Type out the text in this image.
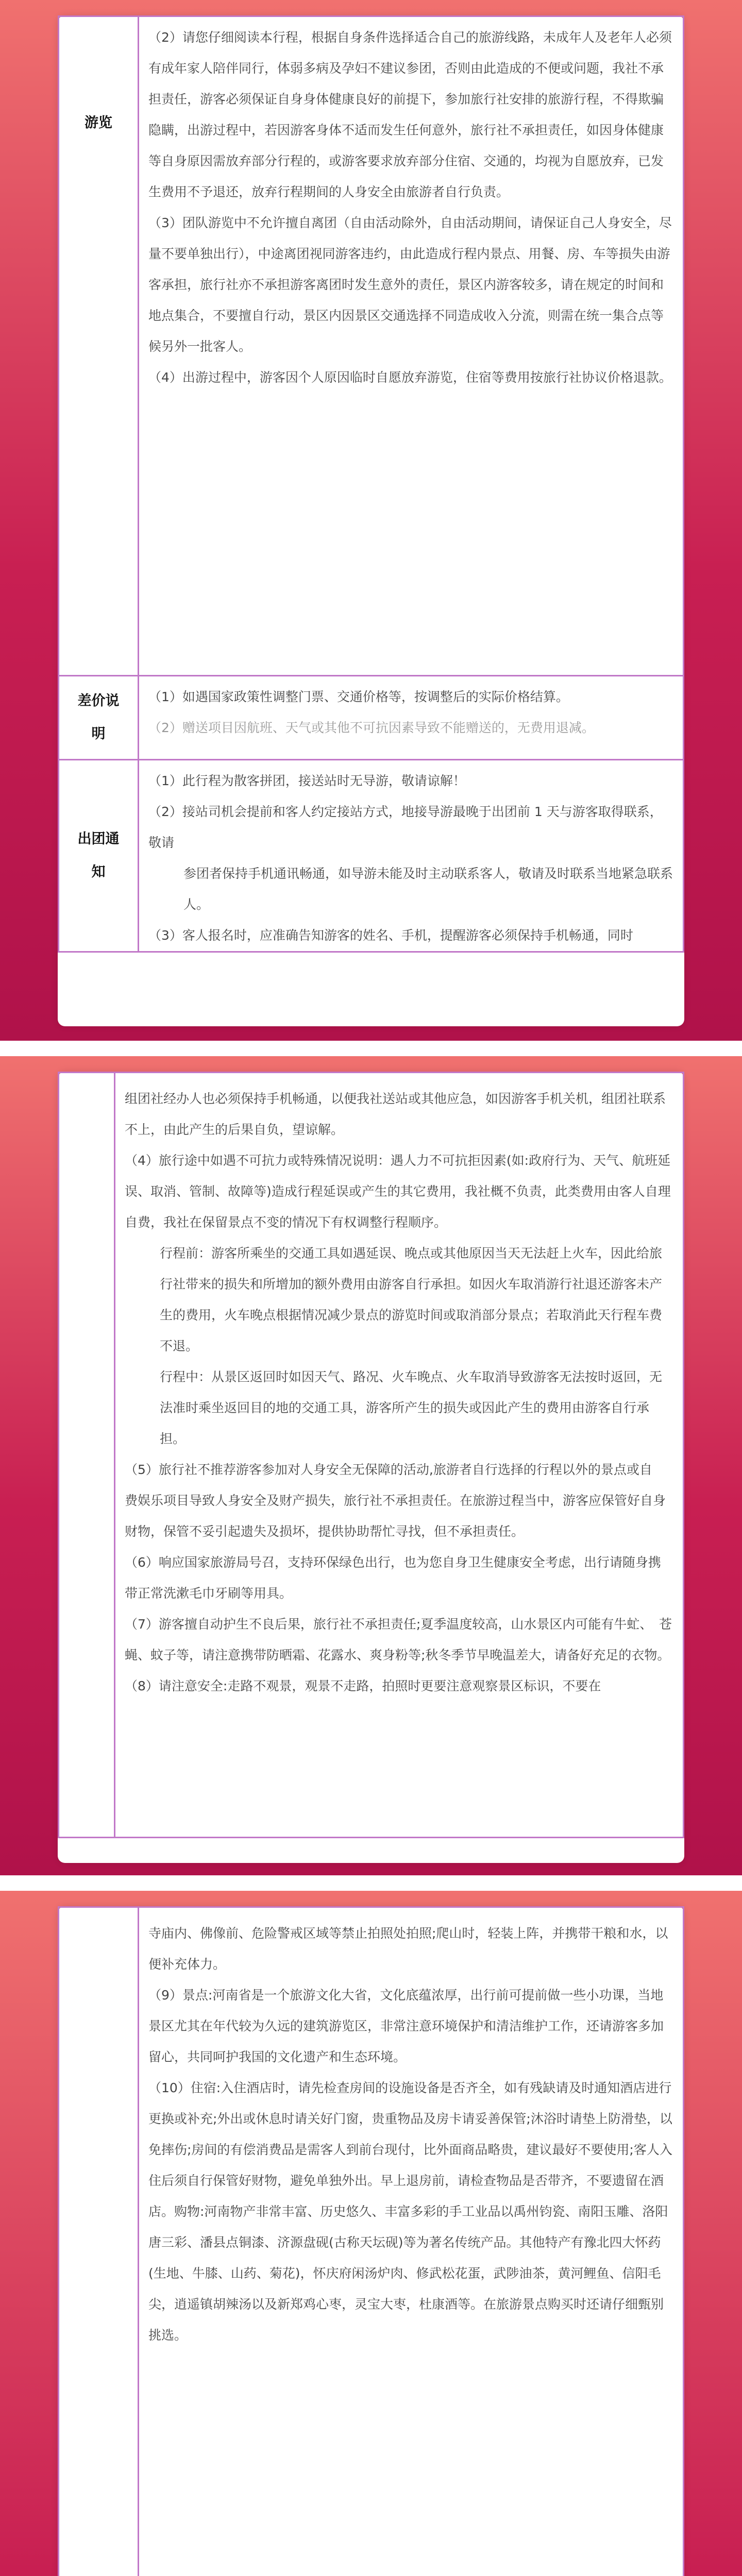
游览	（2）请您仔细阅读本行程，根据自身条件选择适合自己的旅游线路，未成年人及老年人必须有成年家人陪伴同行，体弱多病及孕妇不建议参团，否则由此造成的不便或问题，我社不承担责任，游客必须保证自身身体健康良好的前提下，参加旅行社安排的旅游行程，不得欺骗隐瞒，出游过程中，若因游客身体不适而发生任何意外，旅行社不承担责任，如因身体健康等自身原因需放弃部分行程的，或游客要求放弃部分住宿、交通的，均视为自愿放弃，已发生费用不予退还，放弃行程期间的人身安全由旅游者自行负责。

（3）团队游览中不允许擅自离团（自由活动除外，自由活动期间，请保证自己人身安全，尽量不要单独出行），中途离团视同游客违约，由此造成行程内景点、用餐、房、车等损失由游客承担，旅行社亦不承担游客离团时发生意外的责任，景区内游客较多，请在规定的时间和地点集合，不要擅自行动，景区内因景区交通选择不同造成收入分流，则需在统一集合点等候另外一批客人。

（4）出游过程中，游客因个人原因临时自愿放弃游览，住宿等费用按旅行社协议价格退款。

差价说明	（1）如遇国家政策性调整门票、交通价格等，按调整后的实际价格结算。

（2）赠送项目因航班、天气或其他不可抗因素导致不能赠送的，无费用退减。

出团通知	（1）此行程为散客拼团，接送站时无导游，敬请谅解！

（2）接站司机会提前和客人约定接站方式，地接导游最晚于出团前 1 天与游客取得联系，敬请

参团者保持手机通讯畅通，如导游未能及时主动联系客人，敬请及时联系当地紧急联系人。

（3）客人报名时，应准确告知游客的姓名、手机，提醒游客必须保持手机畅通，同时

组团社经办人也必须保持手机畅通，以便我社送站或其他应急，如因游客手机关机，组团社联系不上，由此产生的后果自负，望谅解。

（4）旅行途中如遇不可抗力或特殊情况说明：遇人力不可抗拒因素(如:政府行为、天气、航班延误、取消、管制、故障等)造成行程延误或产生的其它费用，我社概不负责，此类费用由客人自理自费，我社在保留景点不变的情况下有权调整行程顺序。

行程前：游客所乘坐的交通工具如遇延误、晚点或其他原因当天无法赶上火车，因此给旅行社带来的损失和所增加的额外费用由游客自行承担。如因火车取消游行社退还游客未产生的费用，火车晚点根据情况减少景点的游览时间或取消部分景点；若取消此天行程车费不退。

行程中：从景区返回时如因天气、路况、火车晚点、火车取消导致游客无法按时返回，无法准时乘坐返回目的地的交通工具，游客所产生的损失或因此产生的费用由游客自行承担。

（5）旅行社不推荐游客参加对人身安全无保障的活动,旅游者自行选择的行程以外的景点或自　费娱乐项目导致人身安全及财产损失，旅行社不承担责任。在旅游过程当中，游客应保管好自身财物，保管不妥引起遗失及损坏，提供协助帮忙寻找，但不承担责任。

（6）响应国家旅游局号召，支持环保绿色出行，也为您自身卫生健康安全考虑，出行请随身携带正常洗漱毛巾牙刷等用具。

（7）游客擅自动护生不良后果，旅行社不承担责任;夏季温度较高，山水景区内可能有牛虻、　苍蝇、蚊子等，请注意携带防晒霜、花露水、爽身粉等;秋冬季节早晚温差大，请备好充足的衣物。

（8）请注意安全:走路不观景，观景不走路，拍照时更要注意观察景区标识，不要在

	寺庙内、佛像前、危险警戒区域等禁止拍照处拍照;爬山时，轻装上阵，并携带干粮和水，以便补充体力。

（9）景点:河南省是一个旅游文化大省，文化底蕴浓厚，出行前可提前做一些小功课，当地景区尤其在年代较为久远的建筑游览区，非常注意环境保护和清洁维护工作，还请游客多加留心，共同呵护我国的文化遗产和生态环境。

（10）住宿:入住酒店时，请先检查房间的设施设备是否齐全，如有残缺请及时通知酒店进行更换或补充;外出或休息时请关好门窗，贵重物品及房卡请妥善保管;沐浴时请垫上防滑垫，以免摔伤;房间的有偿消费品是需客人到前台现付，比外面商品略贵，建议最好不要使用;客人入住后须自行保管好财物，避免单独外出。早上退房前，请检查物品是否带齐，不要遗留在酒店。购物:河南物产非常丰富、历史悠久、丰富多彩的手工业品以禹州钧瓷、南阳玉雕、洛阳唐三彩、潘县点铜漆、济源盘砚(古称天坛砚)等为著名传统产品。其他特产有豫北四大怀药(生地、牛膝、山药、菊花)，怀庆府闲汤炉肉、修武松花蛋，武陟油茶，黄河鲤鱼、信阳毛尖，逍遥镇胡辣汤以及新郑鸡心枣，灵宝大枣，杜康酒等。在旅游景点购买时还请仔细甄别挑选。
